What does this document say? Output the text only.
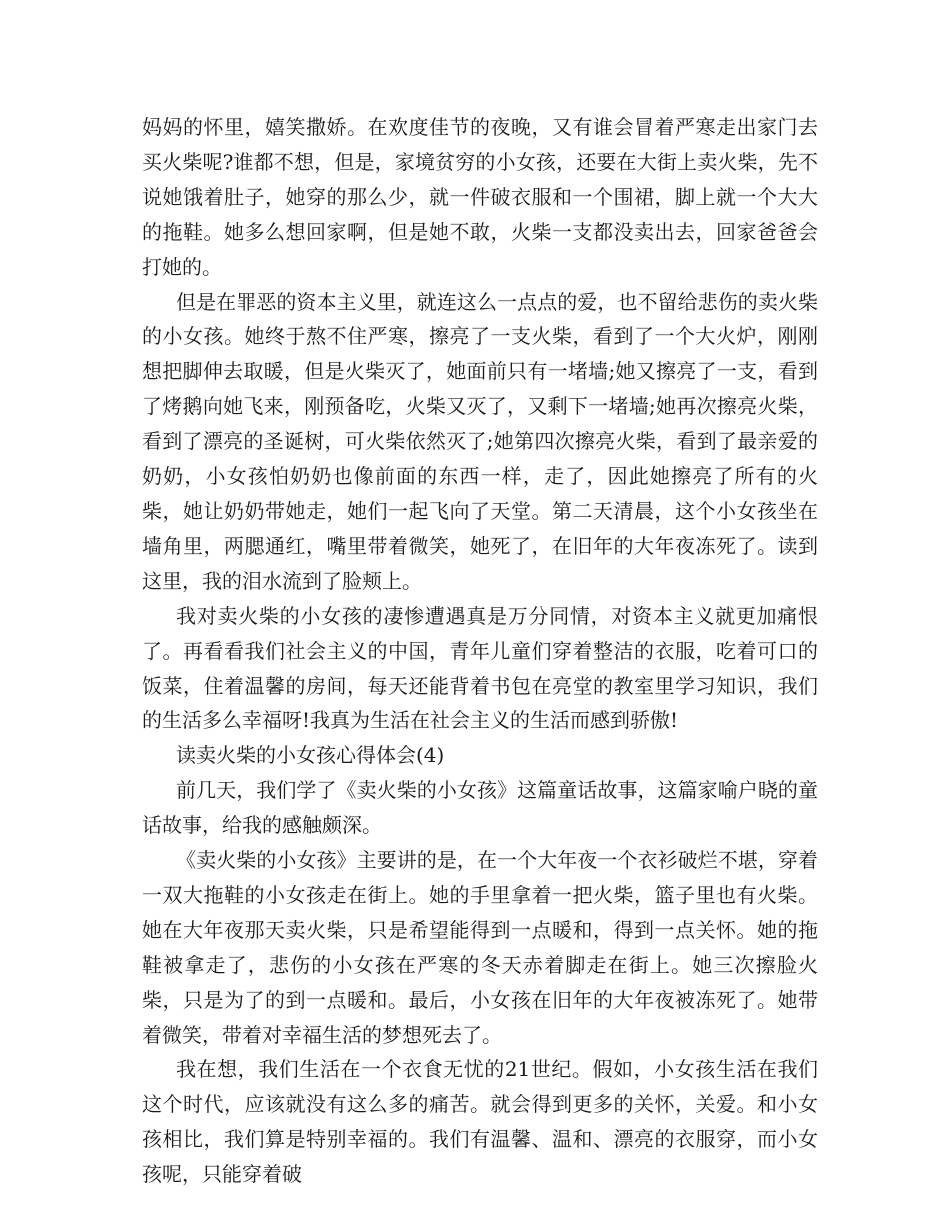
妈妈的怀里，嬉笑撒娇。在欢度佳节的夜晚，又有谁会冒着严寒走出家门去买火柴呢?谁都不想，但是，家境贫穷的小女孩，还要在大街上卖火柴，先不说她饿着肚子，她穿的那么少，就一件破衣服和一个围裙，脚上就一个大大的拖鞋。她多么想回家啊，但是她不敢，火柴一支都没卖出去，回家爸爸会打她的。

但是在罪恶的资本主义里，就连这么一点点的爱，也不留给悲伤的卖火柴的小女孩。她终于熬不住严寒，擦亮了一支火柴，看到了一个大火炉，刚刚想把脚伸去取暖，但是火柴灭了，她面前只有一堵墙;她又擦亮了一支，看到了烤鹅向她飞来，刚预备吃，火柴又灭了，又剩下一堵墙;她再次擦亮火柴，看到了漂亮的圣诞树，可火柴依然灭了;她第四次擦亮火柴，看到了最亲爱的奶奶，小女孩怕奶奶也像前面的东西一样，走了，因此她擦亮了所有的火柴，她让奶奶带她走，她们一起飞向了天堂。第二天清晨，这个小女孩坐在墙角里，两腮通红，嘴里带着微笑，她死了，在旧年的大年夜冻死了。读到这里，我的泪水流到了脸颊上。

我对卖火柴的小女孩的凄惨遭遇真是万分同情，对资本主义就更加痛恨了。再看看我们社会主义的中国，青年儿童们穿着整洁的衣服，吃着可口的饭菜，住着温馨的房间，每天还能背着书包在亮堂的教室里学习知识，我们的生活多么幸福呀!我真为生活在社会主义的生活而感到骄傲!

读卖火柴的小女孩心得体会(4)

前几天，我们学了《卖火柴的小女孩》这篇童话故事，这篇家喻户晓的童话故事，给我的感触颇深。

《卖火柴的小女孩》主要讲的是，在一个大年夜一个衣衫破烂不堪，穿着一双大拖鞋的小女孩走在街上。她的手里拿着一把火柴，篮子里也有火柴。她在大年夜那天卖火柴，只是希望能得到一点暖和，得到一点关怀。她的拖鞋被拿走了，悲伤的小女孩在严寒的冬天赤着脚走在街上。她三次擦脸火柴，只是为了的到一点暖和。最后，小女孩在旧年的大年夜被冻死了。她带着微笑，带着对幸福生活的梦想死去了。

我在想，我们生活在一个衣食无忧的21世纪。假如，小女孩生活在我们这个时代，应该就没有这么多的痛苦。就会得到更多的关怀，关爱。和小女孩相比，我们算是特别幸福的。我们有温馨、温和、漂亮的衣服穿，而小女孩呢，只能穿着破
